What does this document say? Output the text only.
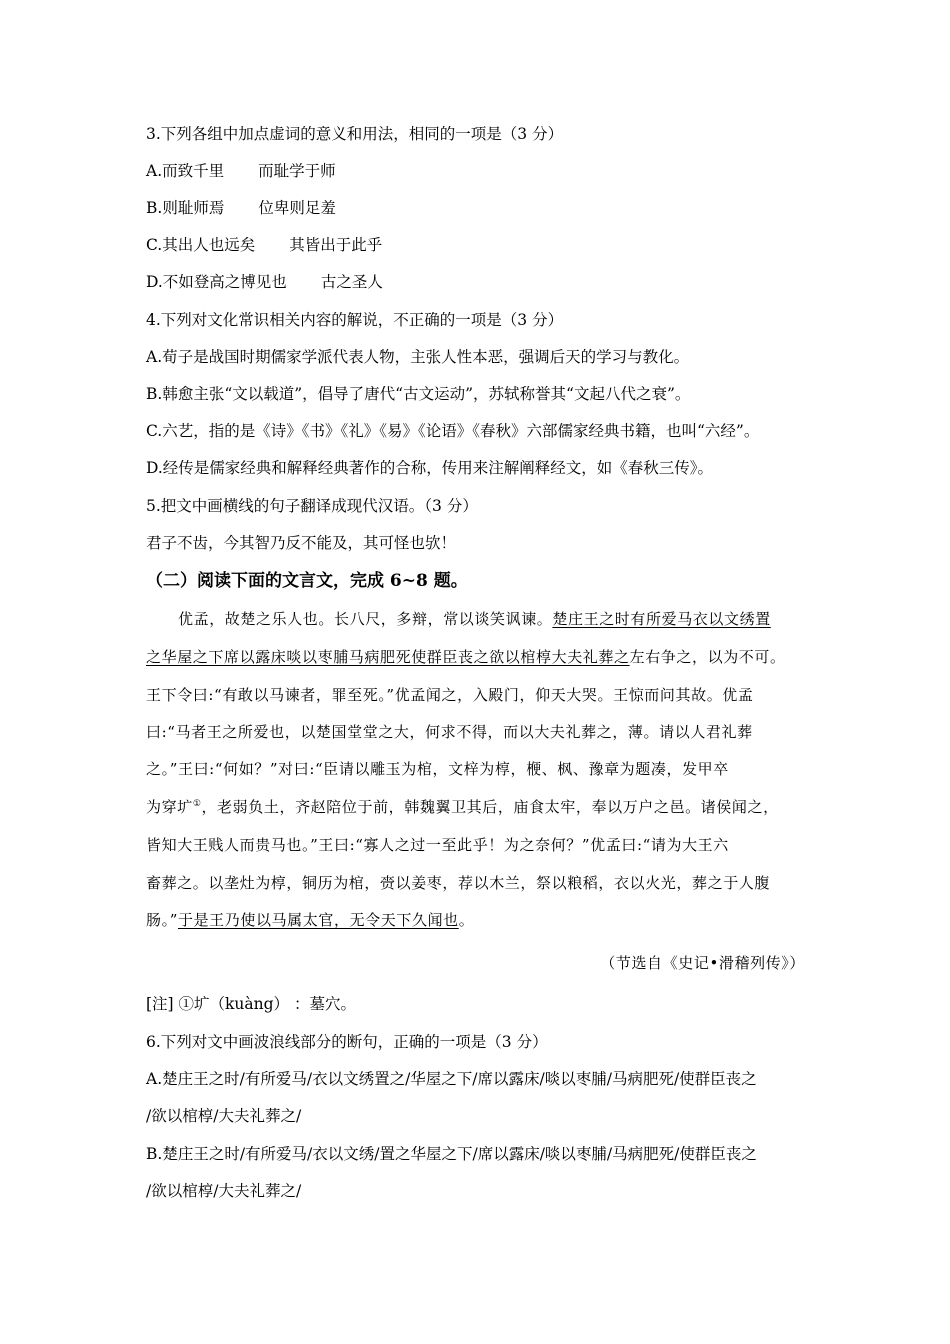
3.下列各组中加点虚词的意义和用法，相同的一项是（3 分）
A.而致千里 而耻学于师
B.则耻师焉 位卑则足羞
C.其出人也远矣 其皆出于此乎
D.不如登高之博见也 古之圣人
4.下列对文化常识相关内容的解说，不正确的一项是（3 分）
A.荀子是战国时期儒家学派代表人物，主张人性本恶，强调后天的学习与教化。
B.韩愈主张“文以载道”，倡导了唐代“古文运动”，苏轼称誉其“文起八代之衰”。
C.六艺，指的是《诗》《书》《礼》《易》《论语》《春秋》六部儒家经典书籍，也叫“六经”。
D.经传是儒家经典和解释经典著作的合称，传用来注解阐释经文，如《春秋三传》。
5.把文中画横线的句子翻译成现代汉语。（3 分）
君子不齿，今其智乃反不能及，其可怪也欤！
（二）阅读下面的文言文，完成 6~8 题。
优孟，故楚之乐人也。长八尺，多辩，常以谈笑讽谏。楚庄王之时有所爱马衣以文绣置
之华屋之下席以露床啖以枣脯马病肥死使群臣丧之欲以棺椁大夫礼葬之左右争之，以为不可。
王下令曰:“有敢以马谏者，罪至死。”优孟闻之，入殿门，仰天大哭。王惊而问其故。优孟
曰:“马者王之所爱也，以楚国堂堂之大，何求不得，而以大夫礼葬之，薄。请以人君礼葬
之。”王曰:“何如？”对曰:“臣请以雕玉为棺，文梓为椁，楩、枫、豫章为题凑，发甲卒
为穿圹①，老弱负土，齐赵陪位于前，韩魏翼卫其后，庙食太牢，奉以万户之邑。诸侯闻之，
皆知大王贱人而贵马也。”王曰:“寡人之过一至此乎！为之奈何？”优孟曰:“请为大王六
畜葬之。以垄灶为椁，铜历为棺，赍以姜枣，荐以木兰，祭以粮稻，衣以火光，葬之于人腹
肠。”于是王乃使以马属太官，无令天下久闻也。
（节选自《史记•滑稽列传》）
[注] ①圹（kuàng） ：墓穴。
6.下列对文中画波浪线部分的断句，正确的一项是（3 分）
A.楚庄王之时/有所爱马/衣以文绣置之/华屋之下/席以露床/啖以枣脯/马病肥死/使群臣丧之
/欲以棺椁/大夫礼葬之/
B.楚庄王之时/有所爱马/衣以文绣/置之华屋之下/席以露床/啖以枣脯/马病肥死/使群臣丧之
/欲以棺椁/大夫礼葬之/
